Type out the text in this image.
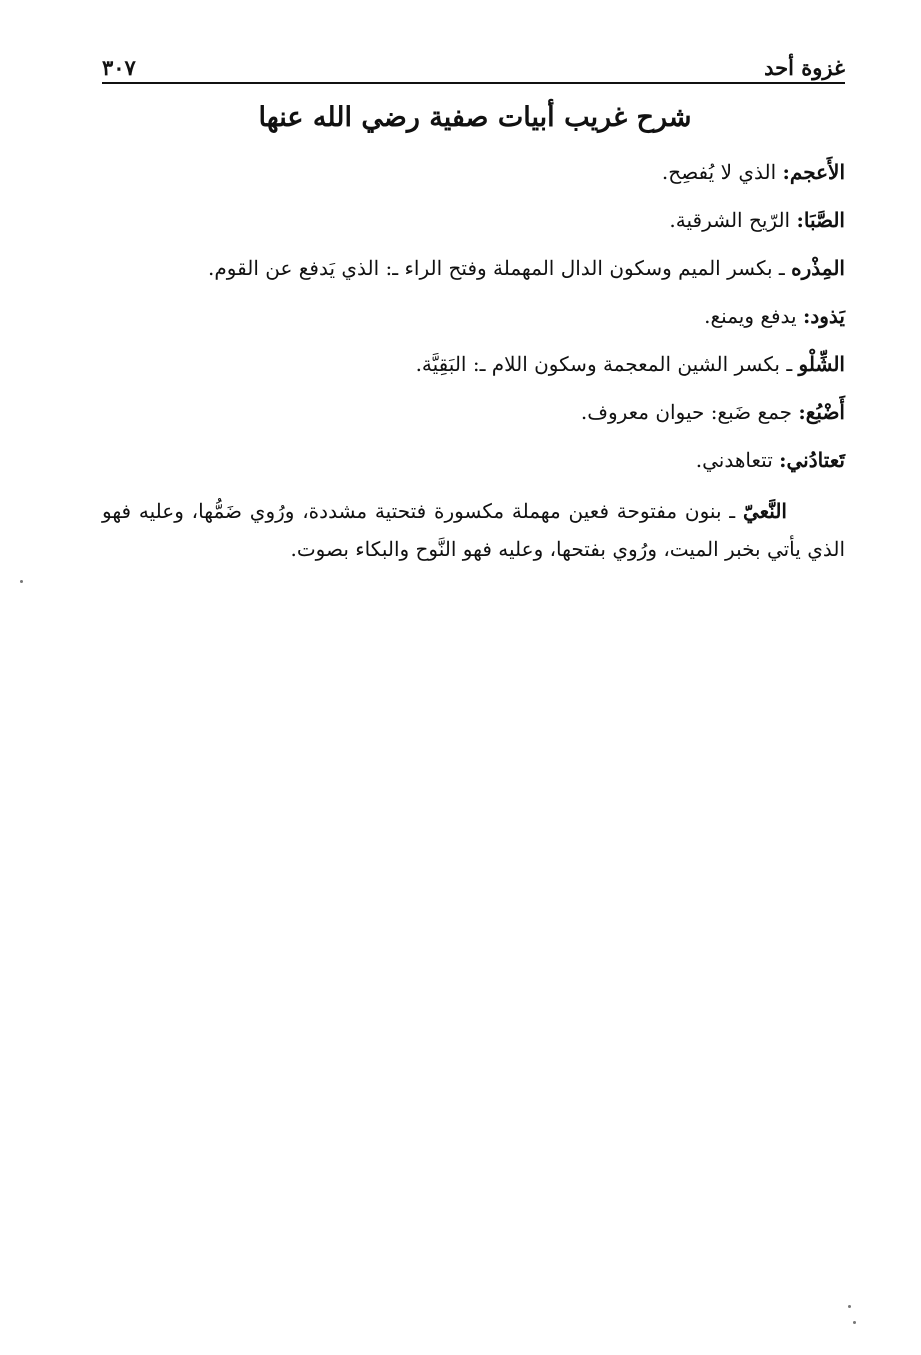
غزوة أحد
٣٠٧
شرح غريب أبيات صفية رضي الله عنها

الأَعجم: الذي لا يُفصِح.

الصَّبَا: الرّيح الشرقية.

المِذْره ـ بكسر الميم وسكون الدال المهملة وفتح الراء ـ: الذي يَدفع عن القوم.

يَذود: يدفع ويمنع.

الشِّلْو ـ بكسر الشين المعجمة وسكون اللام ـ: البَقِيَّة.

أَضْبُع: جمع ضَبع: حيوان معروف.

تَعتادُني: تتعاهدني.

النَّعيّ ـ بنون مفتوحة فعين مهملة مكسورة فتحتية مشددة، ورُوي ضَمُّها، وعليه فهو الذي يأتي بخبر الميت، ورُوي بفتحها، وعليه فهو النَّوح والبكاء بصوت.
